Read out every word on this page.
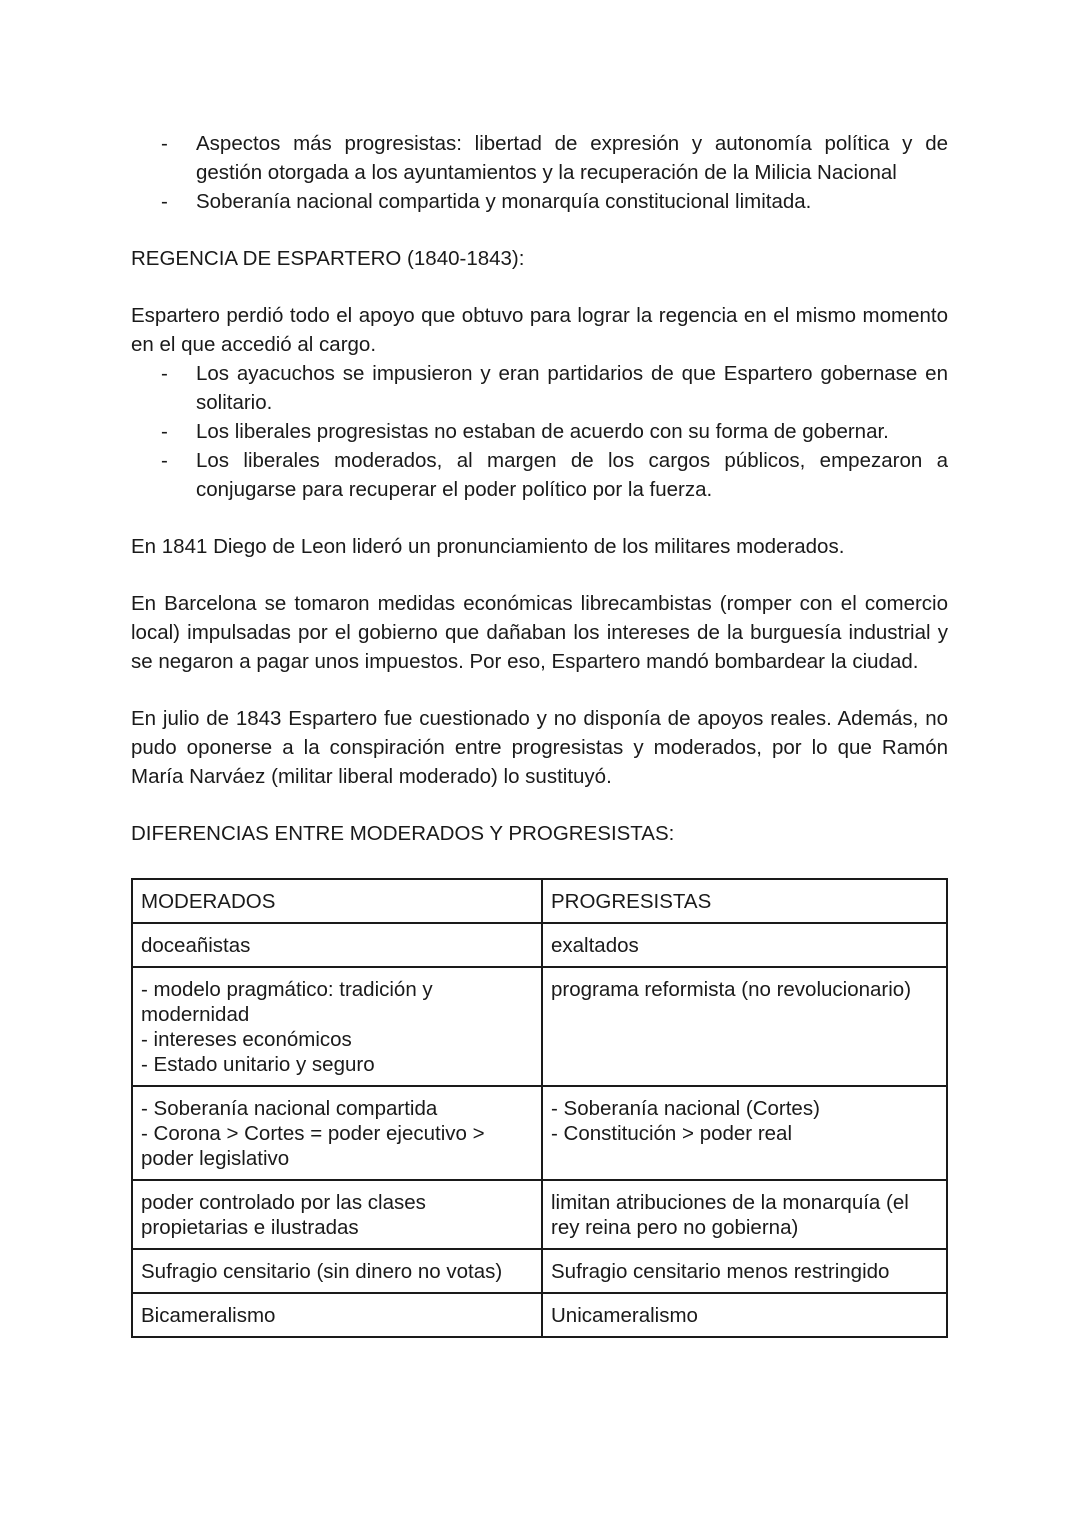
- Aspectos más progresistas: libertad de expresión y autonomía política y de gestión otorgada a los ayuntamientos y la recuperación de la Milicia Nacional
- Soberanía nacional compartida y monarquía constitucional limitada.

REGENCIA DE ESPARTERO (1840-1843):

Espartero perdió todo el apoyo que obtuvo para lograr la regencia en el mismo momento en el que accedió al cargo.

- Los ayacuchos se impusieron y eran partidarios de que Espartero gobernase en solitario.
- Los liberales progresistas no estaban de acuerdo con su forma de gobernar.
- Los liberales moderados, al margen de los cargos públicos, empezaron a conjugarse para recuperar el poder político por la fuerza.

En 1841 Diego de Leon lideró un pronunciamiento de los militares moderados.

En Barcelona se tomaron medidas económicas librecambistas (romper con el comercio local) impulsadas por el gobierno que dañaban los intereses de la burguesía industrial y se negaron a pagar unos impuestos. Por eso, Espartero mandó bombardear la ciudad.

En julio de 1843 Espartero fue cuestionado y no disponía de apoyos reales. Además, no pudo oponerse a la conspiración entre progresistas y moderados, por lo que Ramón María Narváez (militar liberal moderado) lo sustituyó.

DIFERENCIAS ENTRE MODERADOS Y PROGRESISTAS:

MODERADOS	PROGRESISTAS

doceañistas	exaltados

- modelo pragmático: tradición y modernidad
- intereses económicos
- Estado unitario y seguro	programa reformista (no revolucionario)

- Soberanía nacional compartida
- Corona > Cortes = poder ejecutivo > poder legislativo	- Soberanía nacional (Cortes)
- Constitución > poder real

poder controlado por las clases propietarias e ilustradas	limitan atribuciones de la monarquía (el rey reina pero no gobierna)

Sufragio censitario (sin dinero no votas)	Sufragio censitario menos restringido

Bicameralismo	Unicameralismo
